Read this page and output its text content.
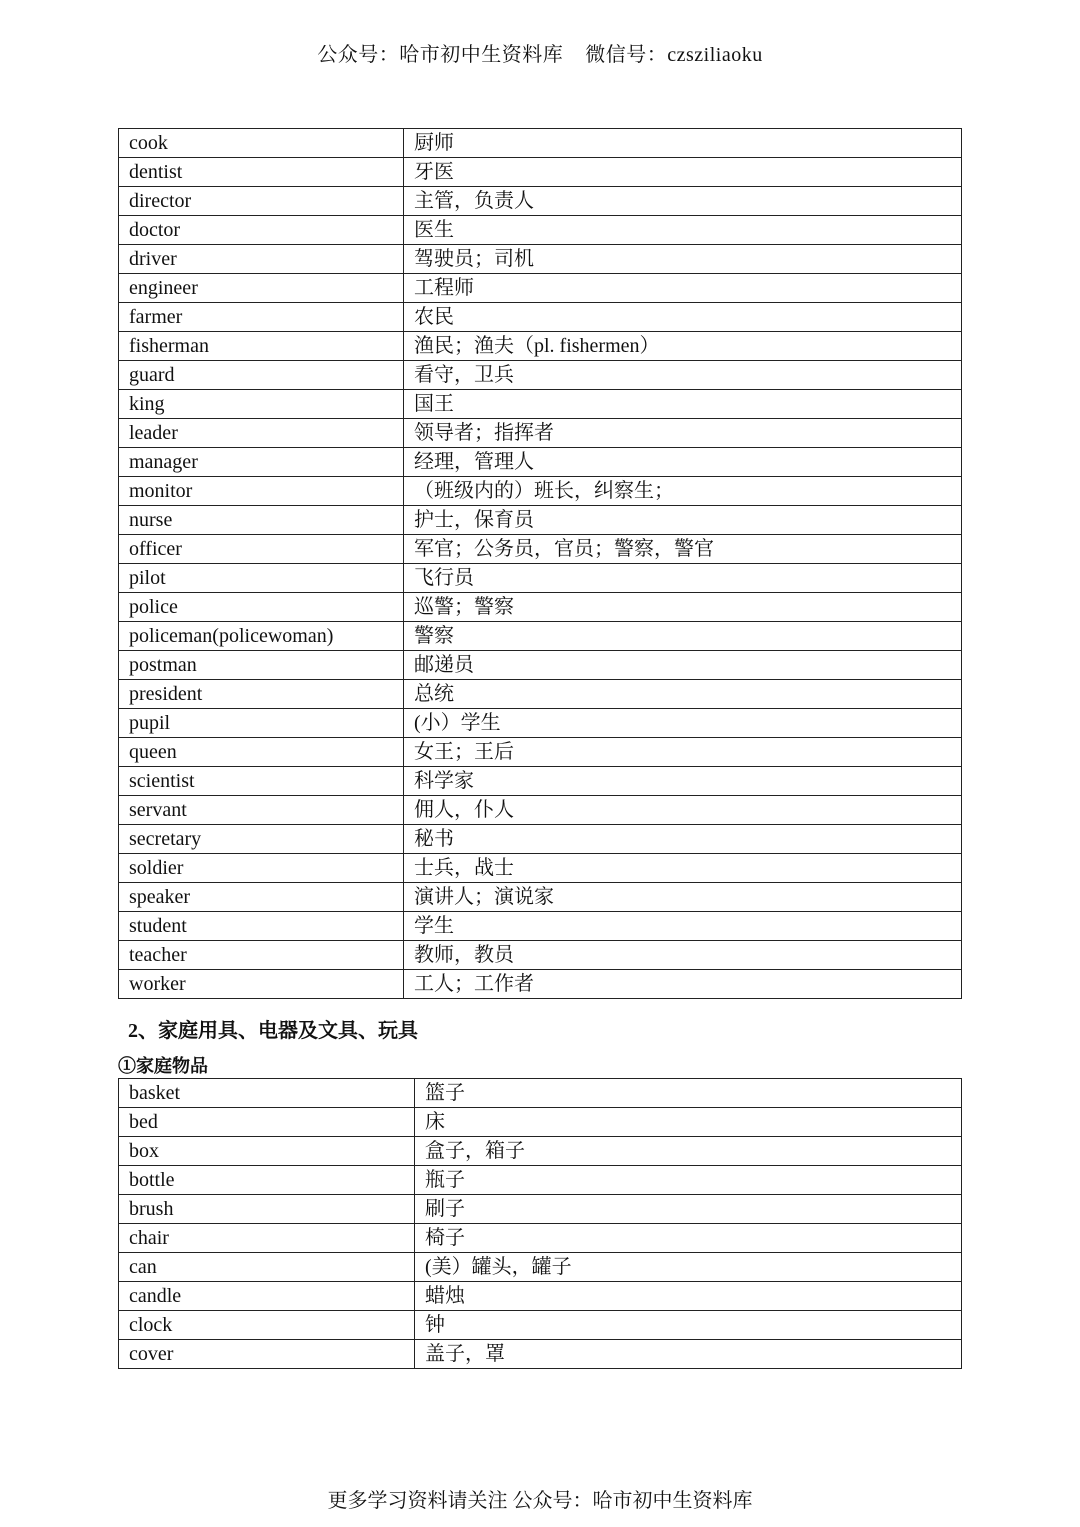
公众号：哈市初中生资料库 微信号：czsziliaoku
cook	厨师
dentist	牙医
director	主管，负责人
doctor	医生
driver	驾驶员；司机
engineer	工程师
farmer	农民
fisherman	渔民；渔夫（pl. fishermen）
guard	看守，卫兵
king	国王
leader	领导者；指挥者
manager	经理，管理人
monitor	（班级内的）班长，纠察生；
nurse	护士，保育员
officer	军官；公务员，官员；警察，警官
pilot	飞行员
police	巡警；警察
policeman(policewoman)	警察
postman	邮递员
president	总统
pupil	(小）学生
queen	女王；王后
scientist	科学家
servant	佣人，仆人
secretary	秘书
soldier	士兵，战士
speaker	演讲人；演说家
student	学生
teacher	教师，教员
worker	工人；工作者
2、家庭用具、电器及文具、玩具
①家庭物品
basket	篮子
bed	床
box	盒子，箱子
bottle	瓶子
brush	刷子
chair	椅子
can	(美）罐头，罐子
candle	蜡烛
clock	钟
cover	盖子，罩
更多学习资料请关注 公众号：哈市初中生资料库
